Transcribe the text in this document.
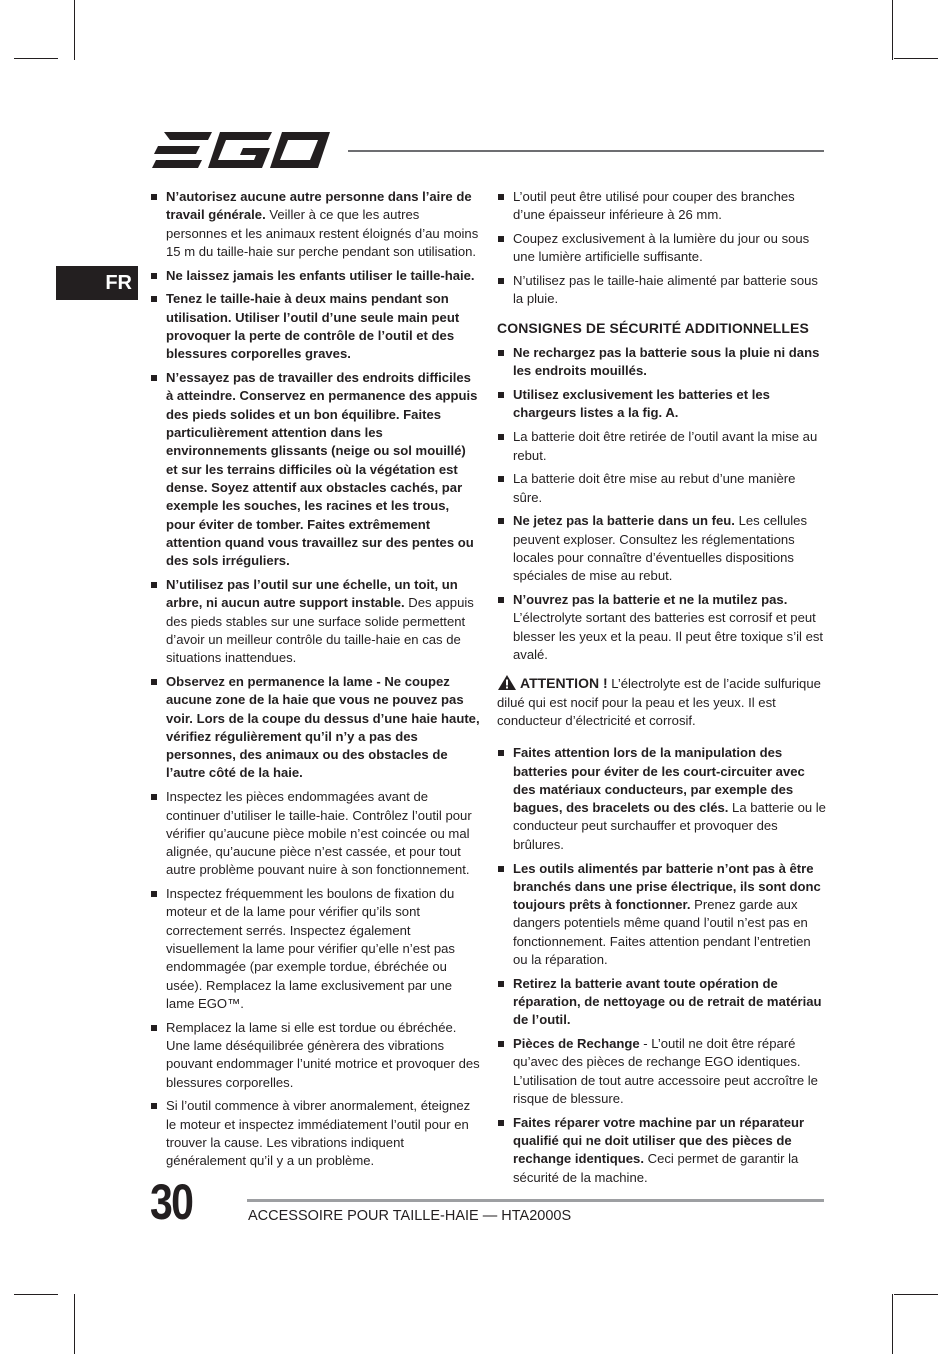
FR
N’autorisez aucune autre personne dans l’aire de travail générale. Veiller à ce que les autres personnes et les animaux restent éloignés d’au moins 15 m du taille-haie sur perche pendant son utilisation.
Ne laissez jamais les enfants utiliser le taille-haie.
Tenez le taille-haie à deux mains pendant son utilisation. Utiliser l’outil d’une seule main peut provoquer la perte de contrôle de l’outil et des blessures corporelles graves.
N’essayez pas de travailler des endroits difficiles à atteindre. Conservez en permanence des appuis des pieds solides et un bon équilibre. Faites particulièrement attention dans les environnements glissants (neige ou sol mouillé) et sur les terrains difficiles où la végétation est dense. Soyez attentif aux obstacles cachés, par exemple les souches, les racines et les trous, pour éviter de tomber. Faites extrêmement attention quand vous travaillez sur des pentes ou des sols irréguliers.
N’utilisez pas l’outil sur une échelle, un toit, un arbre, ni aucun autre support instable. Des appuis des pieds stables sur une surface solide permettent d’avoir un meilleur contrôle du taille-haie en cas de situations inattendues.
Observez en permanence la lame - Ne coupez aucune zone de la haie que vous ne pouvez pas voir. Lors de la coupe du dessus d’une haie haute, vérifiez régulièrement qu’il n’y a pas des personnes, des animaux ou des obstacles de l’autre côté de la haie.
Inspectez les pièces endommagées avant de continuer d’utiliser le taille-haie. Contrôlez l’outil pour vérifier qu’aucune pièce mobile n’est coincée ou mal alignée, qu’aucune pièce n’est cassée, et pour tout autre problème pouvant nuire à son fonctionnement.
Inspectez fréquemment les boulons de fixation du moteur et de la lame pour vérifier qu’ils sont correctement serrés. Inspectez également visuellement la lame pour vérifier qu’elle n’est pas endommagée (par exemple tordue, ébréchée ou usée). Remplacez la lame exclusivement par une lame EGO™.
Remplacez la lame si elle est tordue ou ébréchée. Une lame déséquilibrée génèrera des vibrations pouvant endommager l’unité motrice et provoquer des blessures corporelles.
Si l’outil commence à vibrer anormalement, éteignez le moteur et inspectez immédiatement l’outil pour en trouver la cause. Les vibrations indiquent généralement qu’il y a un problème.
L’outil peut être utilisé pour couper des branches d’une épaisseur inférieure à 26 mm.
Coupez exclusivement à la lumière du jour ou sous une lumière artificielle suffisante.
N’utilisez pas le taille-haie alimenté par batterie sous la pluie.
CONSIGNES DE SÉCURITÉ ADDITIONNELLES
Ne rechargez pas la batterie sous la pluie ni dans les endroits mouillés.
Utilisez exclusivement les batteries et les chargeurs listes a la fig. A.
La batterie doit être retirée de l’outil avant la mise au rebut.
La batterie doit être mise au rebut d’une manière sûre.
Ne jetez pas la batterie dans un feu. Les cellules peuvent exploser. Consultez les réglementations locales pour connaître d’éventuelles dispositions spéciales de mise au rebut.
N’ouvrez pas la batterie et ne la mutilez pas. L’électrolyte sortant des batteries est corrosif et peut blesser les yeux et la peau. Il peut être toxique s’il est avalé.
ATTENTION ! L’électrolyte est de l’acide sulfurique dilué qui est nocif pour la peau et les yeux. Il est conducteur d’électricité et corrosif.
Faites attention lors de la manipulation des batteries pour éviter de les court-circuiter avec des matériaux conducteurs, par exemple des bagues, des bracelets ou des clés. La batterie ou le conducteur peut surchauffer et provoquer des brûlures.
Les outils alimentés par batterie n’ont pas à être branchés dans une prise électrique, ils sont donc toujours prêts à fonctionner. Prenez garde aux dangers potentiels même quand l’outil n’est pas en fonctionnement. Faites attention pendant l’entretien ou la réparation.
Retirez la batterie avant toute opération de réparation, de nettoyage ou de retrait de matériau de l’outil.
Pièces de Rechange - L’outil ne doit être réparé qu’avec des pièces de rechange EGO identiques. L’utilisation de tout autre accessoire peut accroître le risque de blessure.
Faites réparer votre machine par un réparateur qualifié qui ne doit utiliser que des pièces de rechange identiques. Ceci permet de garantir la sécurité de la machine.
30	ACCESSOIRE POUR TAILLE-HAIE — HTA2000S
